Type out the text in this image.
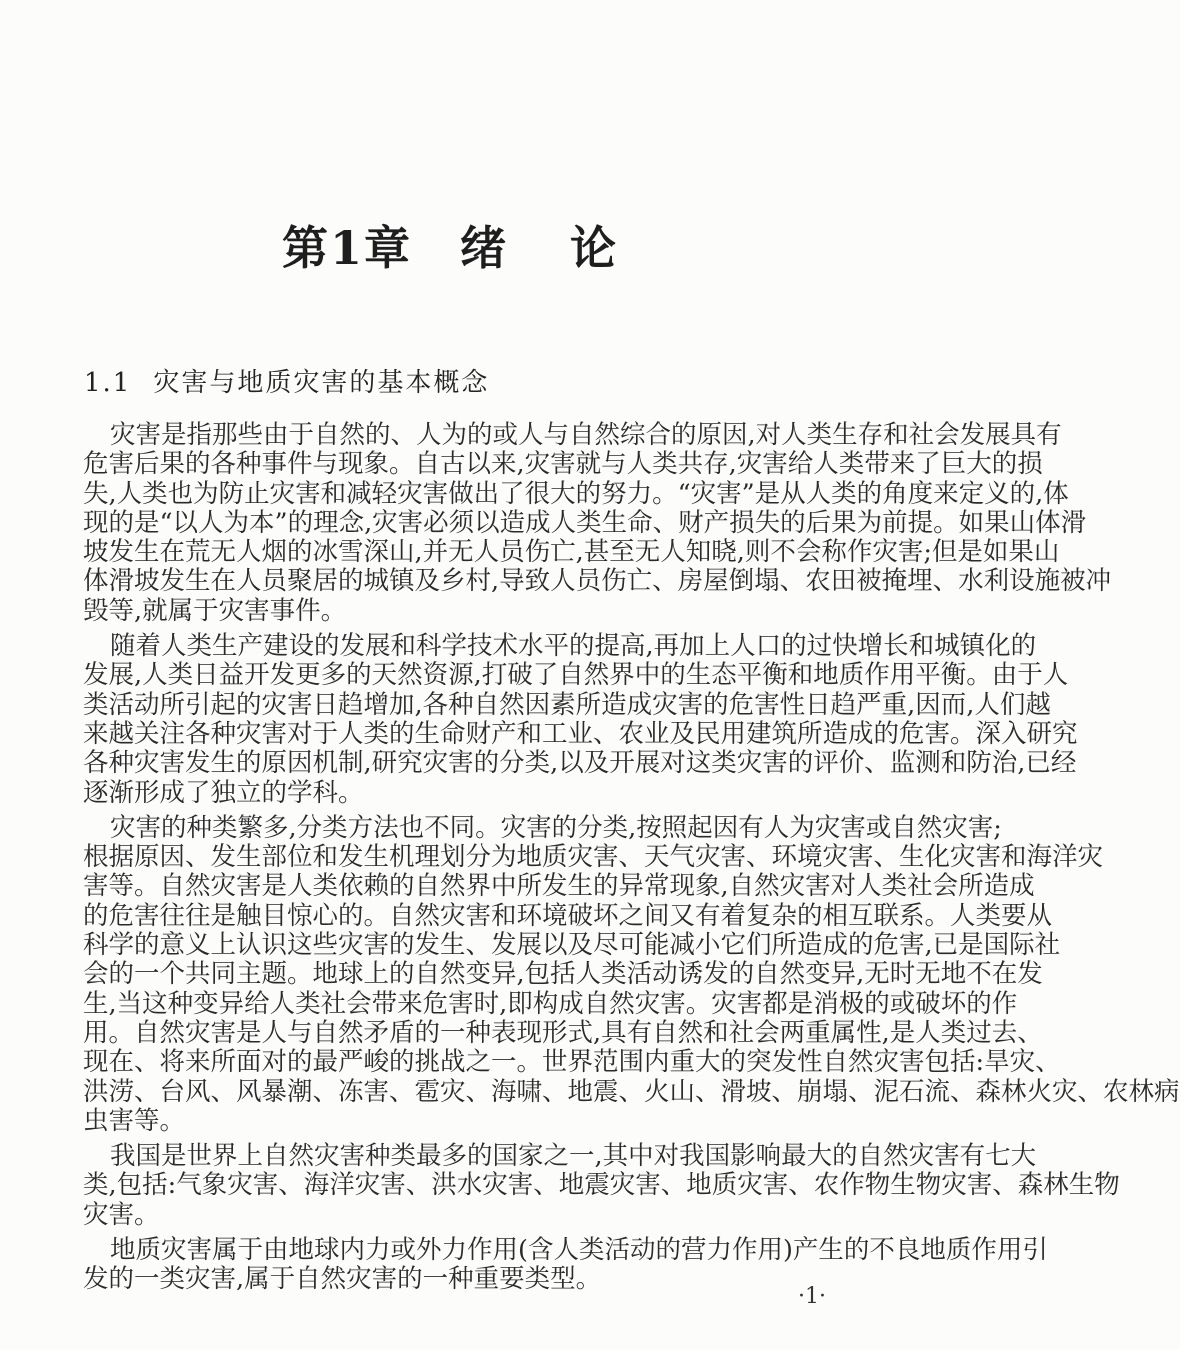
第1章 绪 论
1.1 灾害与地质灾害的基本概念
灾害是指那些由于自然的、人为的或人与自然综合的原因,对人类生存和社会发展具有
危害后果的各种事件与现象。自古以来,灾害就与人类共存,灾害给人类带来了巨大的损
失,人类也为防止灾害和减轻灾害做出了很大的努力。“灾害”是从人类的角度来定义的,体
现的是“以人为本”的理念,灾害必须以造成人类生命、财产损失的后果为前提。如果山体滑
坡发生在荒无人烟的冰雪深山,并无人员伤亡,甚至无人知晓,则不会称作灾害;但是如果山
体滑坡发生在人员聚居的城镇及乡村,导致人员伤亡、房屋倒塌、农田被掩埋、水利设施被冲
毁等,就属于灾害事件。
随着人类生产建设的发展和科学技术水平的提高,再加上人口的过快增长和城镇化的
发展,人类日益开发更多的天然资源,打破了自然界中的生态平衡和地质作用平衡。由于人
类活动所引起的灾害日趋增加,各种自然因素所造成灾害的危害性日趋严重,因而,人们越
来越关注各种灾害对于人类的生命财产和工业、农业及民用建筑所造成的危害。深入研究
各种灾害发生的原因机制,研究灾害的分类,以及开展对这类灾害的评价、监测和防治,已经
逐渐形成了独立的学科。
灾害的种类繁多,分类方法也不同。灾害的分类,按照起因有人为灾害或自然灾害;
根据原因、发生部位和发生机理划分为地质灾害、天气灾害、环境灾害、生化灾害和海洋灾
害等。自然灾害是人类依赖的自然界中所发生的异常现象,自然灾害对人类社会所造成
的危害往往是触目惊心的。自然灾害和环境破坏之间又有着复杂的相互联系。人类要从
科学的意义上认识这些灾害的发生、发展以及尽可能减小它们所造成的危害,已是国际社
会的一个共同主题。地球上的自然变异,包括人类活动诱发的自然变异,无时无地不在发
生,当这种变异给人类社会带来危害时,即构成自然灾害。灾害都是消极的或破坏的作
用。自然灾害是人与自然矛盾的一种表现形式,具有自然和社会两重属性,是人类过去、
现在、将来所面对的最严峻的挑战之一。世界范围内重大的突发性自然灾害包括:旱灾、
洪涝、台风、风暴潮、冻害、雹灾、海啸、地震、火山、滑坡、崩塌、泥石流、森林火灾、农林病
虫害等。
我国是世界上自然灾害种类最多的国家之一,其中对我国影响最大的自然灾害有七大
类,包括:气象灾害、海洋灾害、洪水灾害、地震灾害、地质灾害、农作物生物灾害、森林生物
灾害。
地质灾害属于由地球内力或外力作用(含人类活动的营力作用)产生的不良地质作用引
发的一类灾害,属于自然灾害的一种重要类型。
·1·
